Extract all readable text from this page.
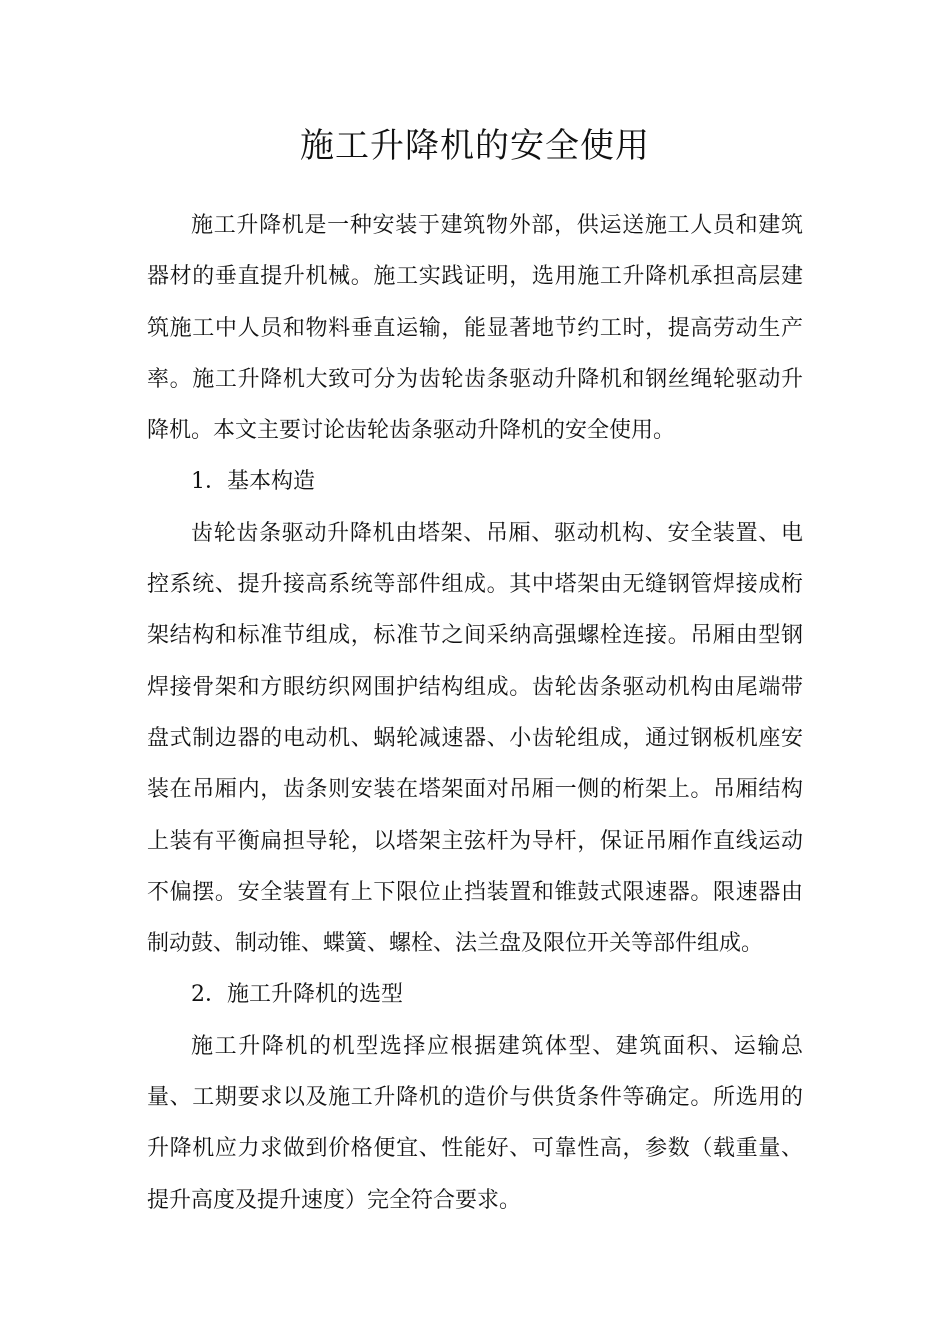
施工升降机的安全使用

施工升降机是一种安装于建筑物外部，供运送施工人员和建筑器材的垂直提升机械。施工实践证明，选用施工升降机承担高层建筑施工中人员和物料垂直运输，能显著地节约工时，提高劳动生产率。施工升降机大致可分为齿轮齿条驱动升降机和钢丝绳轮驱动升降机。本文主要讨论齿轮齿条驱动升降机的安全使用。

1．基本构造

齿轮齿条驱动升降机由塔架、吊厢、驱动机构、安全装置、电控系统、提升接高系统等部件组成。其中塔架由无缝钢管焊接成桁架结构和标准节组成，标准节之间采纳高强螺栓连接。吊厢由型钢焊接骨架和方眼纺织网围护结构组成。齿轮齿条驱动机构由尾端带盘式制边器的电动机、蜗轮减速器、小齿轮组成，通过钢板机座安装在吊厢内，齿条则安装在塔架面对吊厢一侧的桁架上。吊厢结构上装有平衡扁担导轮，以塔架主弦杆为导杆，保证吊厢作直线运动不偏摆。安全装置有上下限位止挡装置和锥鼓式限速器。限速器由制动鼓、制动锥、蝶簧、螺栓、法兰盘及限位开关等部件组成。

2．施工升降机的选型

施工升降机的机型选择应根据建筑体型、建筑面积、运输总量、工期要求以及施工升降机的造价与供货条件等确定。所选用的升降机应力求做到价格便宜、性能好、可靠性高，参数（载重量、提升高度及提升速度）完全符合要求。
